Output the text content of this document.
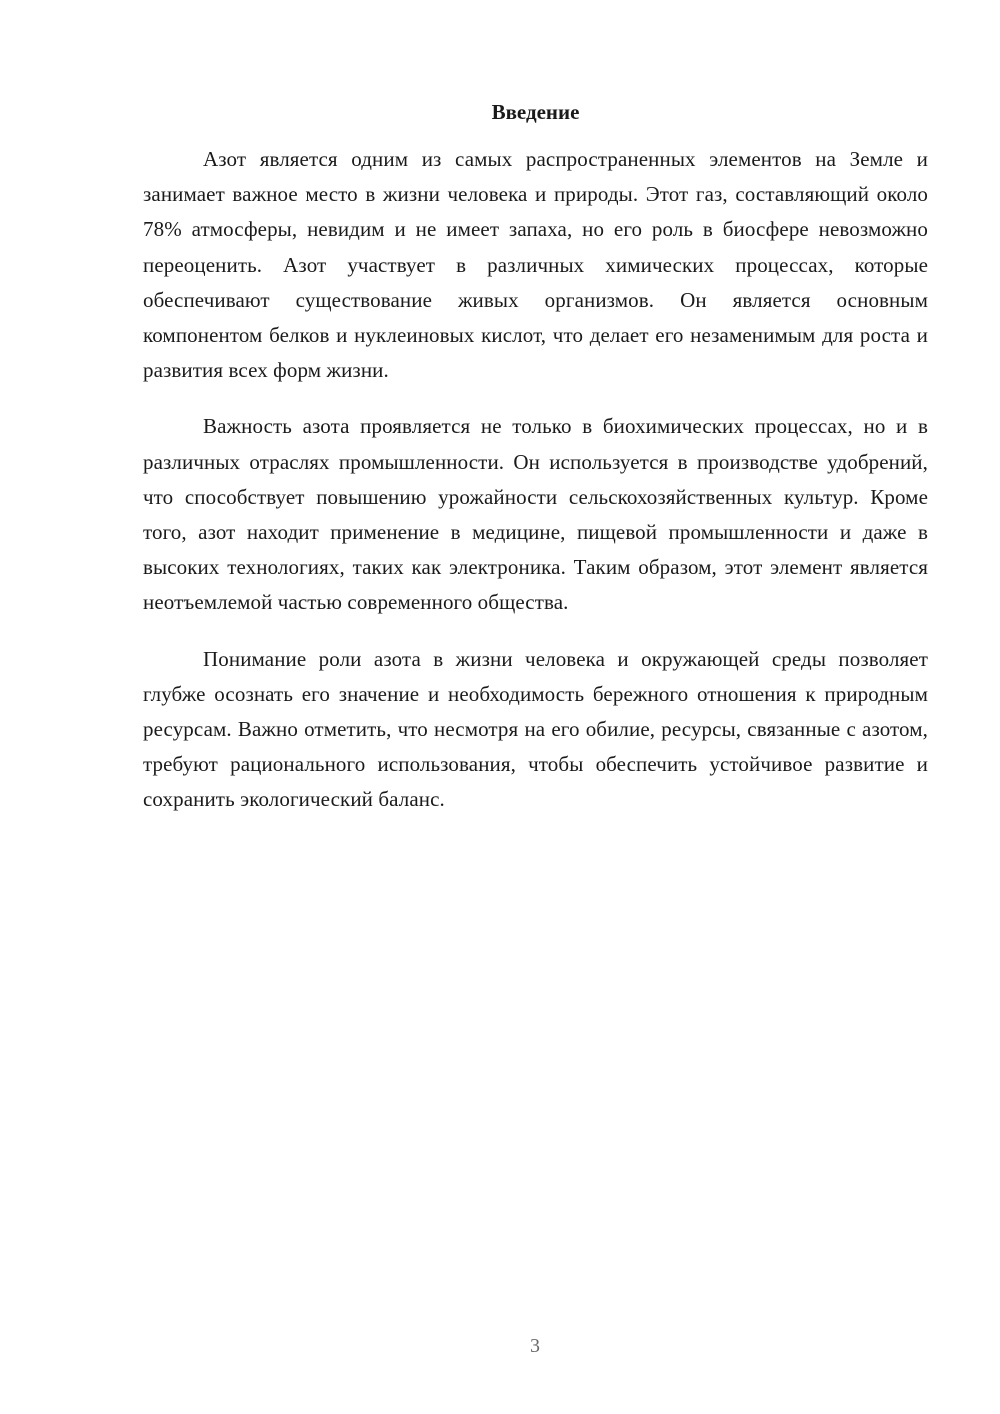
Введение

Азот является одним из самых распространенных элементов на Земле и занимает важное место в жизни человека и природы. Этот газ, составляющий около 78% атмосферы, невидим и не имеет запаха, но его роль в биосфере невозможно переоценить. Азот участвует в различных химических процессах, которые обеспечивают существование живых организмов. Он является основным компонентом белков и нуклеиновых кислот, что делает его незаменимым для роста и развития всех форм жизни.

Важность азота проявляется не только в биохимических процессах, но и в различных отраслях промышленности. Он используется в производстве удобрений, что способствует повышению урожайности сельскохозяйственных культур. Кроме того, азот находит применение в медицине, пищевой промышленности и даже в высоких технологиях, таких как электроника. Таким образом, этот элемент является неотъемлемой частью современного общества.

Понимание роли азота в жизни человека и окружающей среды позволяет глубже осознать его значение и необходимость бережного отношения к природным ресурсам. Важно отметить, что несмотря на его обилие, ресурсы, связанные с азотом, требуют рационального использования, чтобы обеспечить устойчивое развитие и сохранить экологический баланс.

3
